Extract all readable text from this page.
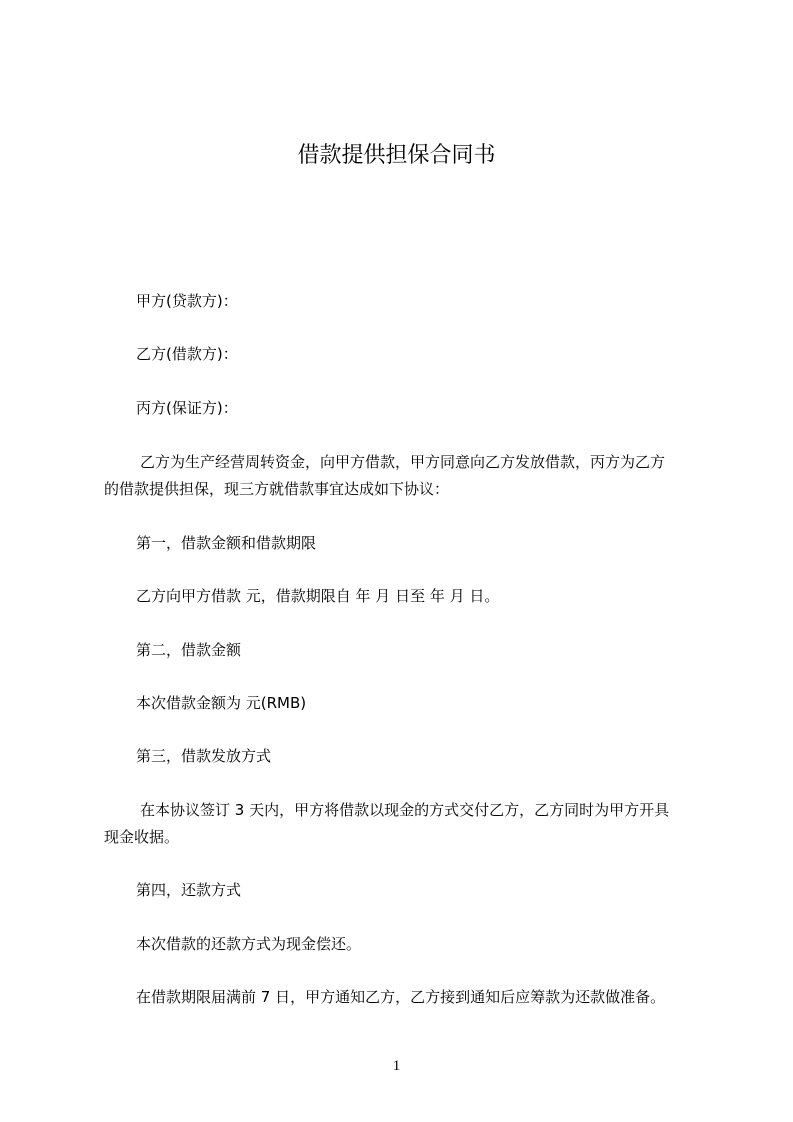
借款提供担保合同书
甲方(贷款方)：
乙方(借款方)：
丙方(保证方)：
乙方为生产经营周转资金，向甲方借款，甲方同意向乙方发放借款，丙方为乙方
的借款提供担保，现三方就借款事宜达成如下协议：
第一，借款金额和借款期限
乙方向甲方借款 元，借款期限自 年 月 日至 年 月 日。
第二，借款金额
本次借款金额为 元(RMB)
第三，借款发放方式
在本协议签订 3 天内，甲方将借款以现金的方式交付乙方，乙方同时为甲方开具
现金收据。
第四，还款方式
本次借款的还款方式为现金偿还。
在借款期限届满前 7 日，甲方通知乙方，乙方接到通知后应筹款为还款做准备。
1
